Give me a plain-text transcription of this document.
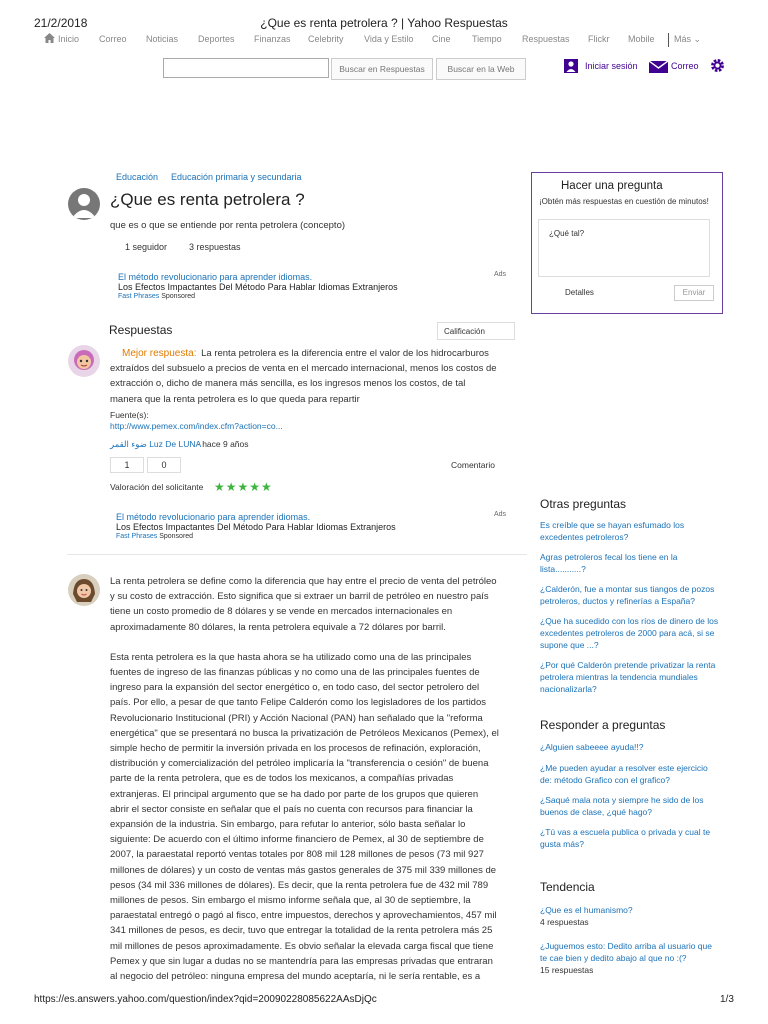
21/2/2018	¿Que es renta petrolera ? | Yahoo Respuestas
Inicio Correo Noticias Deportes Finanzas Celebrity Vida y Estilo Cine Tiempo Respuestas Flickr Mobile Más ⌄
Buscar en Respuestas	Buscar en la Web	Iniciar sesión	Correo
Educación Educación primaria y secundaria
¿Que es renta petrolera ?
que es o que se entiende por renta petrolera (concepto)
1 seguidor 3 respuestas
El método revolucionario para aprender idiomas.	Ads
Los Efectos Impactantes Del Método Para Hablar Idiomas Extranjeros
Fast Phrases Sponsored
Respuestas	Calificación
Mejor respuesta: La renta petrolera es la diferencia entre el valor de los hidrocarburos
extraídos del subsuelo a precios de venta en el mercado internacional, menos los costos de
extracción o, dicho de manera más sencilla, es los ingresos menos los costos, de tal
manera que la renta petrolera es lo que queda para repartir
Fuente(s):
http://www.pemex.com/index.cfm?action=co...
ضوء القمر Luz De LUNA
· hace 9 años
1	0	Comentario
Valoración del solicitante ★★★★★
El método revolucionario para aprender idiomas.	Ads
Los Efectos Impactantes Del Método Para Hablar Idiomas Extranjeros
Fast Phrases Sponsored
La renta petrolera se define como la diferencia que hay entre el precio de venta del petróleo
y su costo de extracción. Esto significa que si extraer un barril de petróleo en nuestro país
tiene un costo promedio de 8 dólares y se vende en mercados internacionales en
aproximadamente 80 dólares, la renta petrolera equivale a 72 dólares por barril.
Esta renta petrolera es la que hasta ahora se ha utilizado como una de las principales
fuentes de ingreso de las finanzas públicas y no como una de las principales fuentes de
ingreso para la expansión del sector energético o, en todo caso, del sector petrolero del
país. Por ello, a pesar de que tanto Felipe Calderón como los legisladores de los partidos
Revolucionario Institucional (PRI) y Acción Nacional (PAN) han señalado que la "reforma
energética" que se presentará no busca la privatización de Petróleos Mexicanos (Pemex), el
simple hecho de permitir la inversión privada en los procesos de refinación, exploración,
distribución y comercialización del petróleo implicaría la "transferencia o cesión" de buena
parte de la renta petrolera, que es de todos los mexicanos, a compañías privadas
extranjeras. El principal argumento que se ha dado por parte de los grupos que quieren
abrir el sector consiste en señalar que el país no cuenta con recursos para financiar la
expansión de la industria. Sin embargo, para refutar lo anterior, sólo basta señalar lo
siguiente: De acuerdo con el último informe financiero de Pemex, al 30 de septiembre de
2007, la paraestatal reportó ventas totales por 808 mil 128 millones de pesos (73 mil 927
millones de dólares) y un costo de ventas más gastos generales de 375 mil 339 millones de
pesos (34 mil 336 millones de dólares). Es decir, que la renta petrolera fue de 432 mil 789
millones de pesos. Sin embargo el mismo informe señala que, al 30 de septiembre, la
paraestatal entregó o pagó al fisco, entre impuestos, derechos y aprovechamientos, 457 mil
341 millones de pesos, es decir, tuvo que entregar la totalidad de la renta petrolera más 25
mil millones de pesos aproximadamente. Es obvio señalar la elevada carga fiscal que tiene
Pemex y que sin lugar a dudas no se mantendría para las empresas privadas que entraran
al negocio del petróleo: ninguna empresa del mundo aceptaría, ni le sería rentable, es a
Hacer una pregunta
¡Obtén más respuestas en cuestión de minutos!
¿Qué tal?
Detalles	Enviar
Otras preguntas
Es creíble que se hayan esfumado los
excedentes petroleros?
Agras petroleros fecal los tiene en la
lista...........?
¿Calderón, fue a montar sus tiangos de pozos
petroleros, ductos y refinerías a España?
¿Que ha sucedido con los ríos de dinero de los
excedentes petroleros de 2000 para acá, si se
supone que ...?
¿Por qué Calderón pretende privatizar la renta
petrolera mientras la tendencia mundiales
nacionalizarla?
Responder a preguntas
¿Alguien sabeeee ayuda!!?
¿Me pueden ayudar a resolver este ejercicio
de: método Grafico con el grafico?
¿Saqué mala nota y siempre he sido de los
buenos de clase, ¿qué hago?
¿Tú vas a escuela publica o privada y cual te
gusta más?
Tendencia
¿Que es el humanismo?
4 respuestas
¿Juguemos esto: Dedito arriba al usuario que
te cae bien y dedito abajo al que no :(?
15 respuestas
https://es.answers.yahoo.com/question/index?qid=20090228085622AAsDjQc	1/3
